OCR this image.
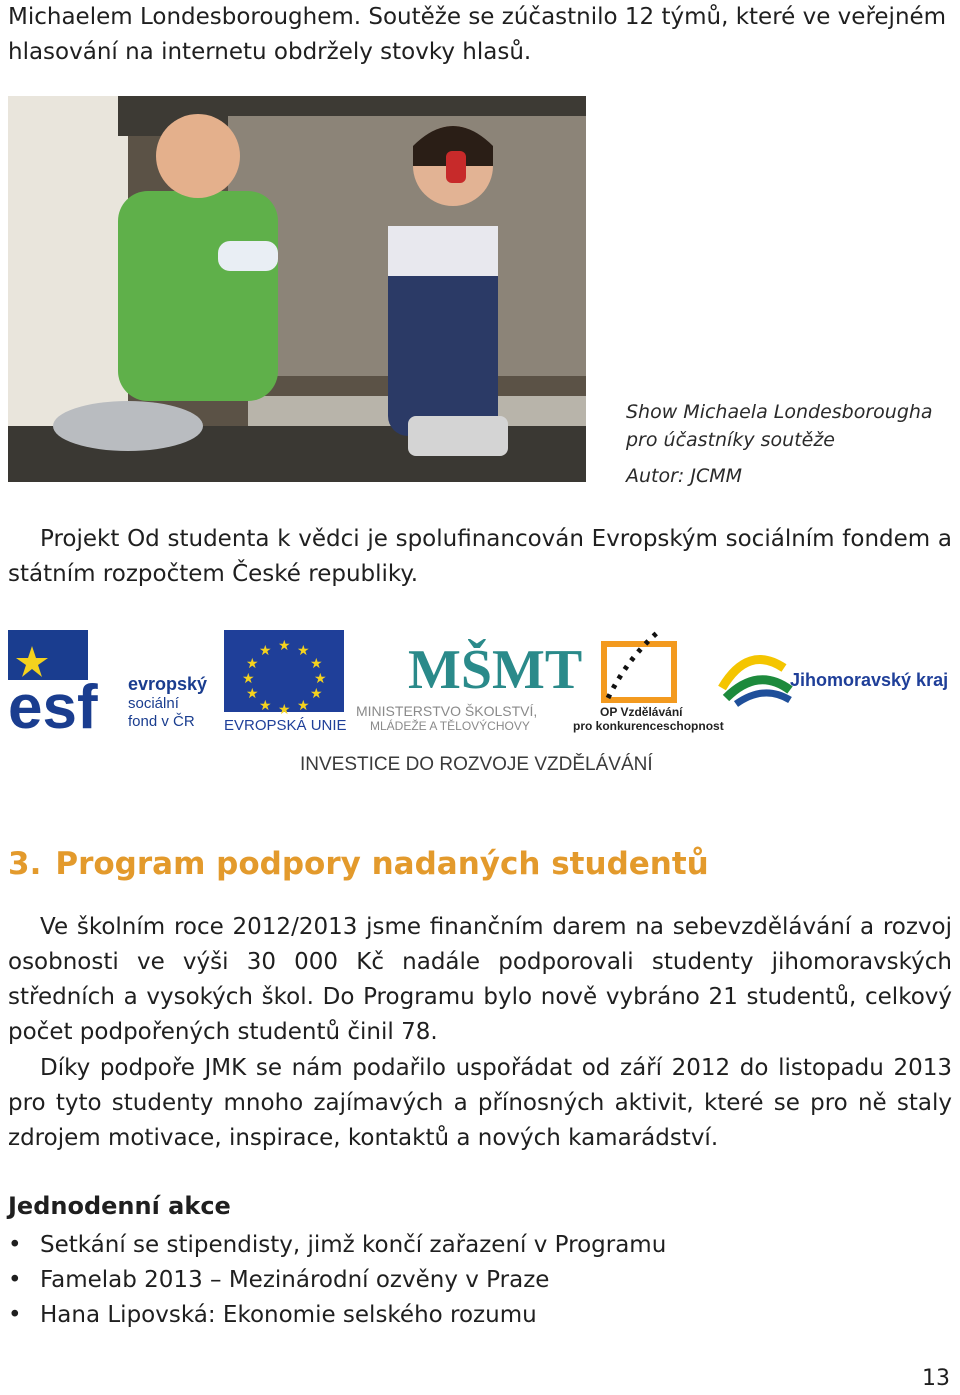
Michaelem Londesboroughem. Soutěže se zúčastnilo 12 týmů, které ve veřejném hlasování na internetu obdržely stovky hlasů.

Show Michaela Londesborougha
pro účastníky soutěže
Autor: JCMM

Projekt Od studenta k vědci je spolufinancován Evropským sociálním fondem a státním rozpočtem České republiky.

esf evropský
sociální
fond v ČR
★ ★
★
★
★
★
★
★
★
★
★
★
EVROPSKÁ UNIE
MŠMT
MINISTERSTVO ŠKOLSTVÍ,
MLÁDEŽE A TĚLOVÝCHOVY
OP Vzdělávání
pro konkurenceschopnost
Jihomoravský kraj
INVESTICE DO ROZVOJE VZDĚLÁVÁNÍ
3. Program podpory nadaných studentů

Ve školním roce 2012/2013 jsme finančním darem na sebevzdělávání a rozvoj osobnosti ve výši 30 000 Kč nadále podporovali studenty jihomoravských středních a vysokých škol. Do Programu bylo nově vybráno 21 studentů, celkový počet podpořených studentů činil 78.

Díky podpoře JMK se nám podařilo uspořádat od září 2012 do listopadu 2013 pro tyto studenty mnoho zajímavých a přínosných aktivit, které se pro ně staly zdrojem motivace, inspirace, kontaktů a nových kamarádství.

Jednodenní akce
• Setkání se stipendisty, jimž končí zařazení v Programu
• Famelab 2013 – Mezinárodní ozvěny v Praze
• Hana Lipovská: Ekonomie selského rozumu
13
